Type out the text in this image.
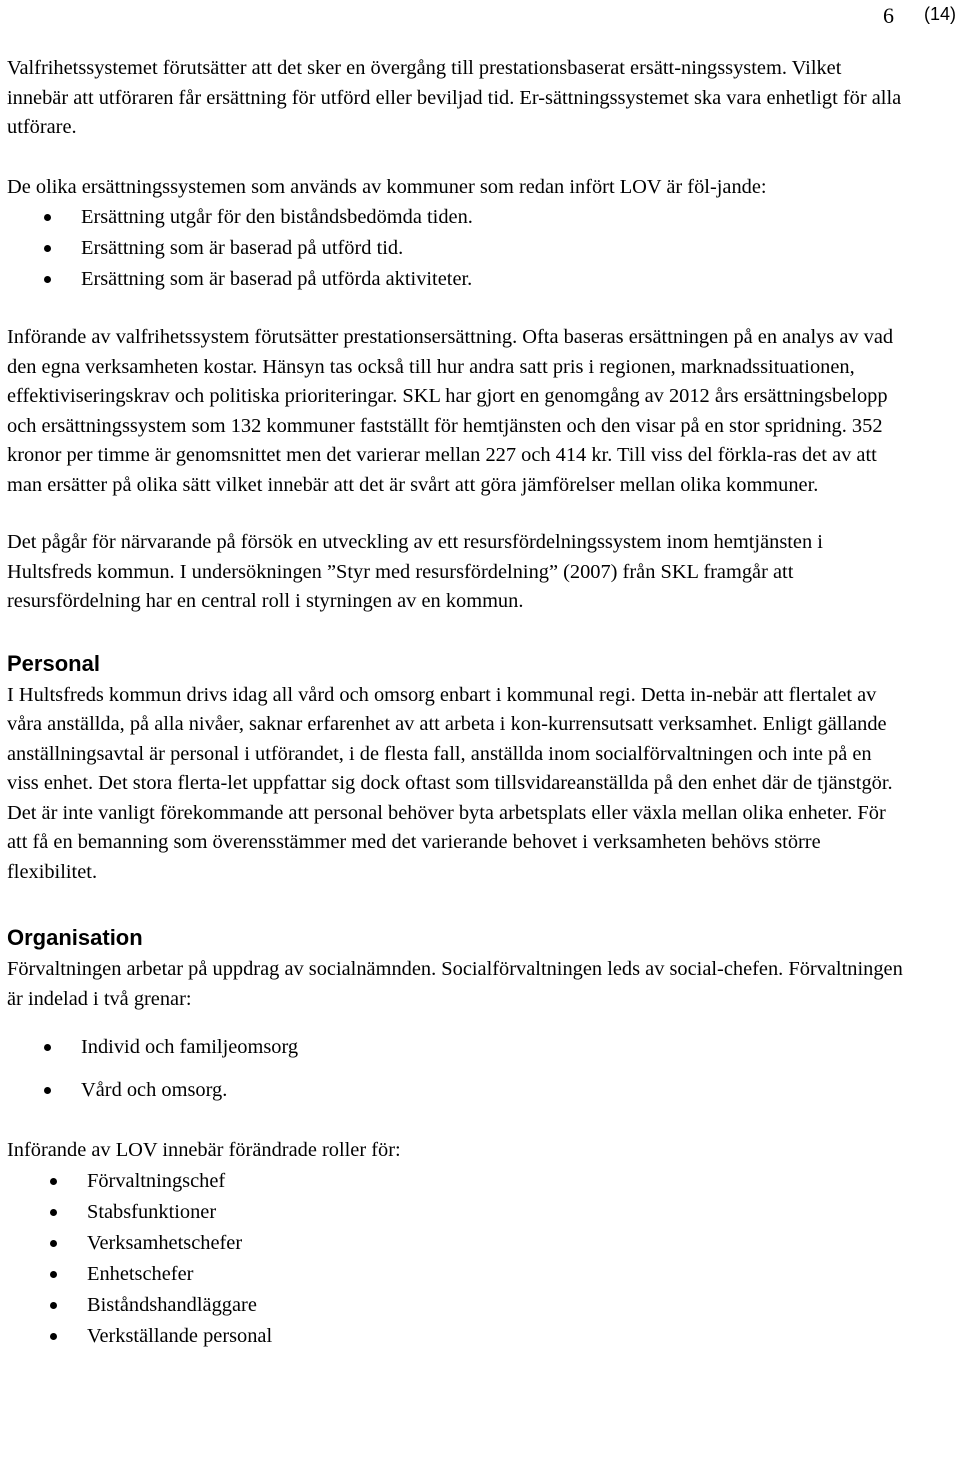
6 (14)

Valfrihetssystemet förutsätter att det sker en övergång till prestationsbaserat ersätt-ningssystem. Vilket innebär att utföraren får ersättning för utförd eller beviljad tid. Er-sättningssystemet ska vara enhetligt för alla utförare.

De olika ersättningssystemen som används av kommuner som redan infört LOV är föl-jande:

Ersättning utgår för den biståndsbedömda tiden.
Ersättning som är baserad på utförd tid.
Ersättning som är baserad på utförda aktiviteter.

Införande av valfrihetssystem förutsätter prestationsersättning. Ofta baseras ersättningen på en analys av vad den egna verksamheten kostar. Hänsyn tas också till hur andra satt pris i regionen, marknadssituationen, effektiviseringskrav och politiska prioriteringar. SKL har gjort en genomgång av 2012 års ersättningsbelopp och ersättningssystem som 132 kommuner fastställt för hemtjänsten och den visar på en stor spridning. 352 kronor per timme är genomsnittet men det varierar mellan 227 och 414 kr. Till viss del förkla-ras det av att man ersätter på olika sätt vilket innebär att det är svårt att göra jämförelser mellan olika kommuner.

Det pågår för närvarande på försök en utveckling av ett resursfördelningssystem inom hemtjänsten i Hultsfreds kommun. I undersökningen ”Styr med resursfördelning” (2007) från SKL framgår att resursfördelning har en central roll i styrningen av en kommun.

Personal

I Hultsfreds kommun drivs idag all vård och omsorg enbart i kommunal regi. Detta in-nebär att flertalet av våra anställda, på alla nivåer, saknar erfarenhet av att arbeta i kon-kurrensutsatt verksamhet. Enligt gällande anställningsavtal är personal i utförandet, i de flesta fall, anställda inom socialförvaltningen och inte på en viss enhet. Det stora flerta-let uppfattar sig dock oftast som tillsvidareanställda på den enhet där de tjänstgör. Det är inte vanligt förekommande att personal behöver byta arbetsplats eller växla mellan olika enheter. För att få en bemanning som överensstämmer med det varierande behovet i verksamheten behövs större flexibilitet.

Organisation

Förvaltningen arbetar på uppdrag av socialnämnden. Socialförvaltningen leds av social-chefen. Förvaltningen är indelad i två grenar:

Individ och familjeomsorg
Vård och omsorg.

Införande av LOV innebär förändrade roller för:

Förvaltningschef
Stabsfunktioner
Verksamhetschefer
Enhetschefer
Biståndshandläggare
Verkställande personal
